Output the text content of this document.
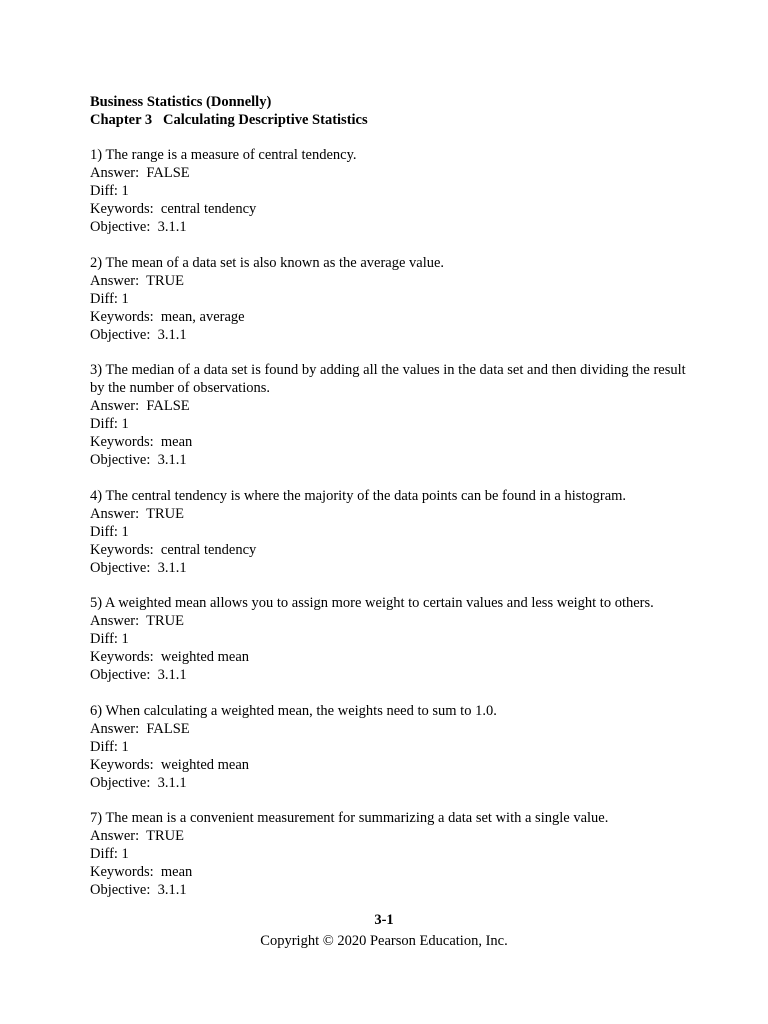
Business Statistics (Donnelly)
Chapter 3   Calculating Descriptive Statistics
1) The range is a measure of central tendency.
Answer:  FALSE
Diff: 1
Keywords:  central tendency
Objective:  3.1.1
2) The mean of a data set is also known as the average value.
Answer:  TRUE
Diff: 1
Keywords:  mean, average
Objective:  3.1.1
3) The median of a data set is found by adding all the values in the data set and then dividing the result by the number of observations.
Answer:  FALSE
Diff: 1
Keywords:  mean
Objective:  3.1.1
4) The central tendency is where the majority of the data points can be found in a histogram.
Answer:  TRUE
Diff: 1
Keywords:  central tendency
Objective:  3.1.1
5) A weighted mean allows you to assign more weight to certain values and less weight to others.
Answer:  TRUE
Diff: 1
Keywords:  weighted mean
Objective:  3.1.1
6) When calculating a weighted mean, the weights need to sum to 1.0.
Answer:  FALSE
Diff: 1
Keywords:  weighted mean
Objective:  3.1.1
7) The mean is a convenient measurement for summarizing a data set with a single value.
Answer:  TRUE
Diff: 1
Keywords:  mean
Objective:  3.1.1
3-1
Copyright © 2020 Pearson Education, Inc.
